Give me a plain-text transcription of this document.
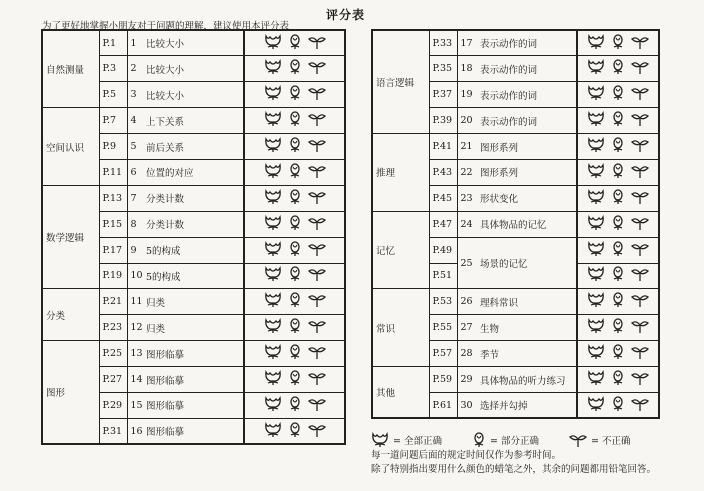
评分表
为了更好地掌握小朋友对于问题的理解，建议使用本评分表
自然测量	P.1	1	比较大小	
	P.3	2	比较大小	
	P.5	3	比较大小	
空间认识	P.7	4	上下关系	
	P.9	5	前后关系	
	P.11	6	位置的对应	
数学逻辑	P.13	7	分类计数	
	P.15	8	分类计数	
	P.17	9	5的构成	
	P.19	10	5的构成	
分类	P.21	11	归类	
	P.23	12	归类	
图形	P.25	13	图形临摹	
	P.27	14	图形临摹	
	P.29	15	图形临摹	
	P.31	16	图形临摹	
语言逻辑	P.33	17	表示动作的词	
	P.35	18	表示动作的词	
	P.37	19	表示动作的词	
	P.39	20	表示动作的词	
推理	P.41	21	图形系列	
	P.43	22	图形系列	
	P.45	23	形状变化	
记忆	P.47	24	具体物品的记忆	
	P.49	25	场景的记忆	
	P.51	
常识	P.53	26	理科常识	
	P.55	27	生物	
	P.57	28	季节	
其他	P.59	29	具体物品的听力练习	
	P.61	30	选择并勾掉	
= 全部正确	= 部分正确	= 不正确
每一道问题后面的规定时间仅作为参考时间。
除了特别指出要用什么颜色的蜡笔之外，其余的问题都用铅笔回答。
